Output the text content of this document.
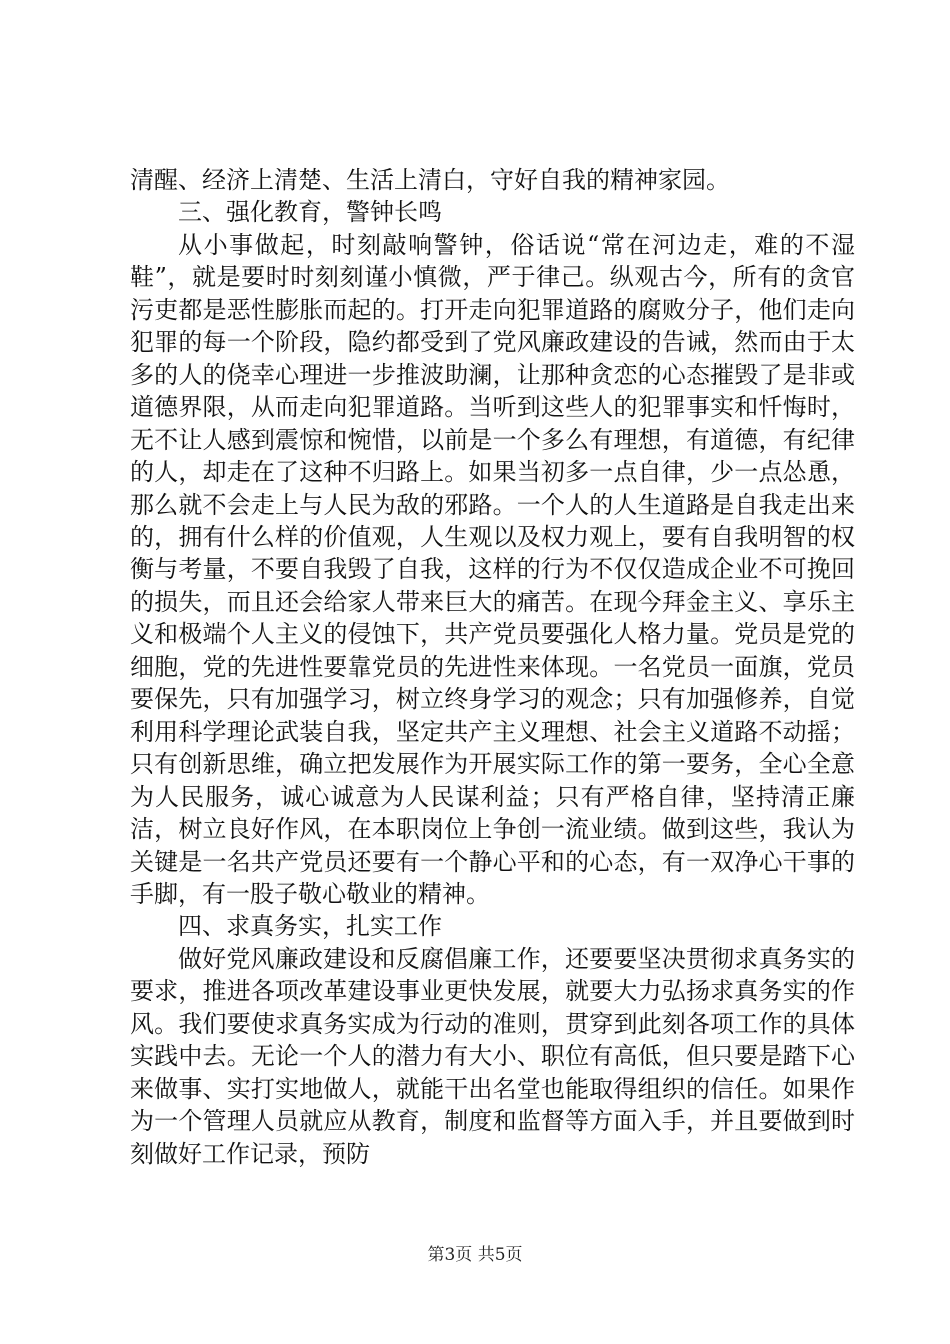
清醒、经济上清楚、生活上清白，守好自我的精神家园。

三、强化教育，警钟长鸣

从小事做起，时刻敲响警钟，俗话说“常在河边走，难的不湿鞋”，就是要时时刻刻谨小慎微，严于律己。纵观古今，所有的贪官污吏都是恶性膨胀而起的。打开走向犯罪道路的腐败分子，他们走向犯罪的每一个阶段，隐约都受到了党风廉政建设的告诫，然而由于太多的人的侥幸心理进一步推波助澜，让那种贪恋的心态摧毁了是非或道德界限，从而走向犯罪道路。当听到这些人的犯罪事实和忏悔时，无不让人感到震惊和惋惜，以前是一个多么有理想，有道德，有纪律的人，却走在了这种不归路上。如果当初多一点自律，少一点怂恿，那么就不会走上与人民为敌的邪路。一个人的人生道路是自我走出来的，拥有什么样的价值观，人生观以及权力观上，要有自我明智的权衡与考量，不要自我毁了自我，这样的行为不仅仅造成企业不可挽回的损失，而且还会给家人带来巨大的痛苦。在现今拜金主义、享乐主义和极端个人主义的侵蚀下，共产党员要强化人格力量。党员是党的细胞，党的先进性要靠党员的先进性来体现。一名党员一面旗，党员要保先，只有加强学习，树立终身学习的观念；只有加强修养，自觉利用科学理论武装自我，坚定共产主义理想、社会主义道路不动摇；只有创新思维，确立把发展作为开展实际工作的第一要务，全心全意为人民服务，诚心诚意为人民谋利益；只有严格自律，坚持清正廉洁，树立良好作风，在本职岗位上争创一流业绩。做到这些，我认为关键是一名共产党员还要有一个静心平和的心态，有一双净心干事的手脚，有一股子敬心敬业的精神。

四、求真务实，扎实工作

做好党风廉政建设和反腐倡廉工作，还要要坚决贯彻求真务实的要求，推进各项改革建设事业更快发展，就要大力弘扬求真务实的作风。我们要使求真务实成为行动的准则，贯穿到此刻各项工作的具体实践中去。无论一个人的潜力有大小、职位有高低，但只要是踏下心来做事、实打实地做人，就能干出名堂也能取得组织的信任。如果作为一个管理人员就应从教育，制度和监督等方面入手，并且要做到时刻做好工作记录，预防

第3页 共5页
